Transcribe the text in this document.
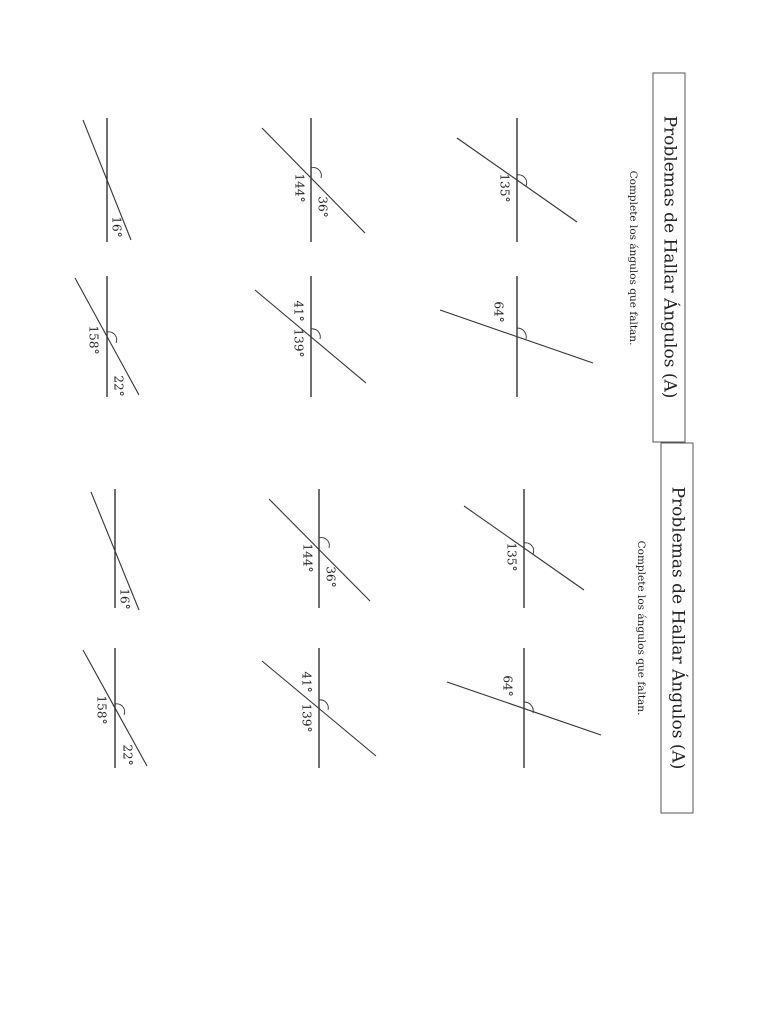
Problemas de Hallar Ángulos (A)
Complete los ángulos que faltan.
135°
64°
144°
36°
41°
139°
16°
158°
22°
Problemas de Hallar Ángulos (A)
Complete los ángulos que faltan.
135°
64°
144°
36°
41°
139°
16°
158°
22°
